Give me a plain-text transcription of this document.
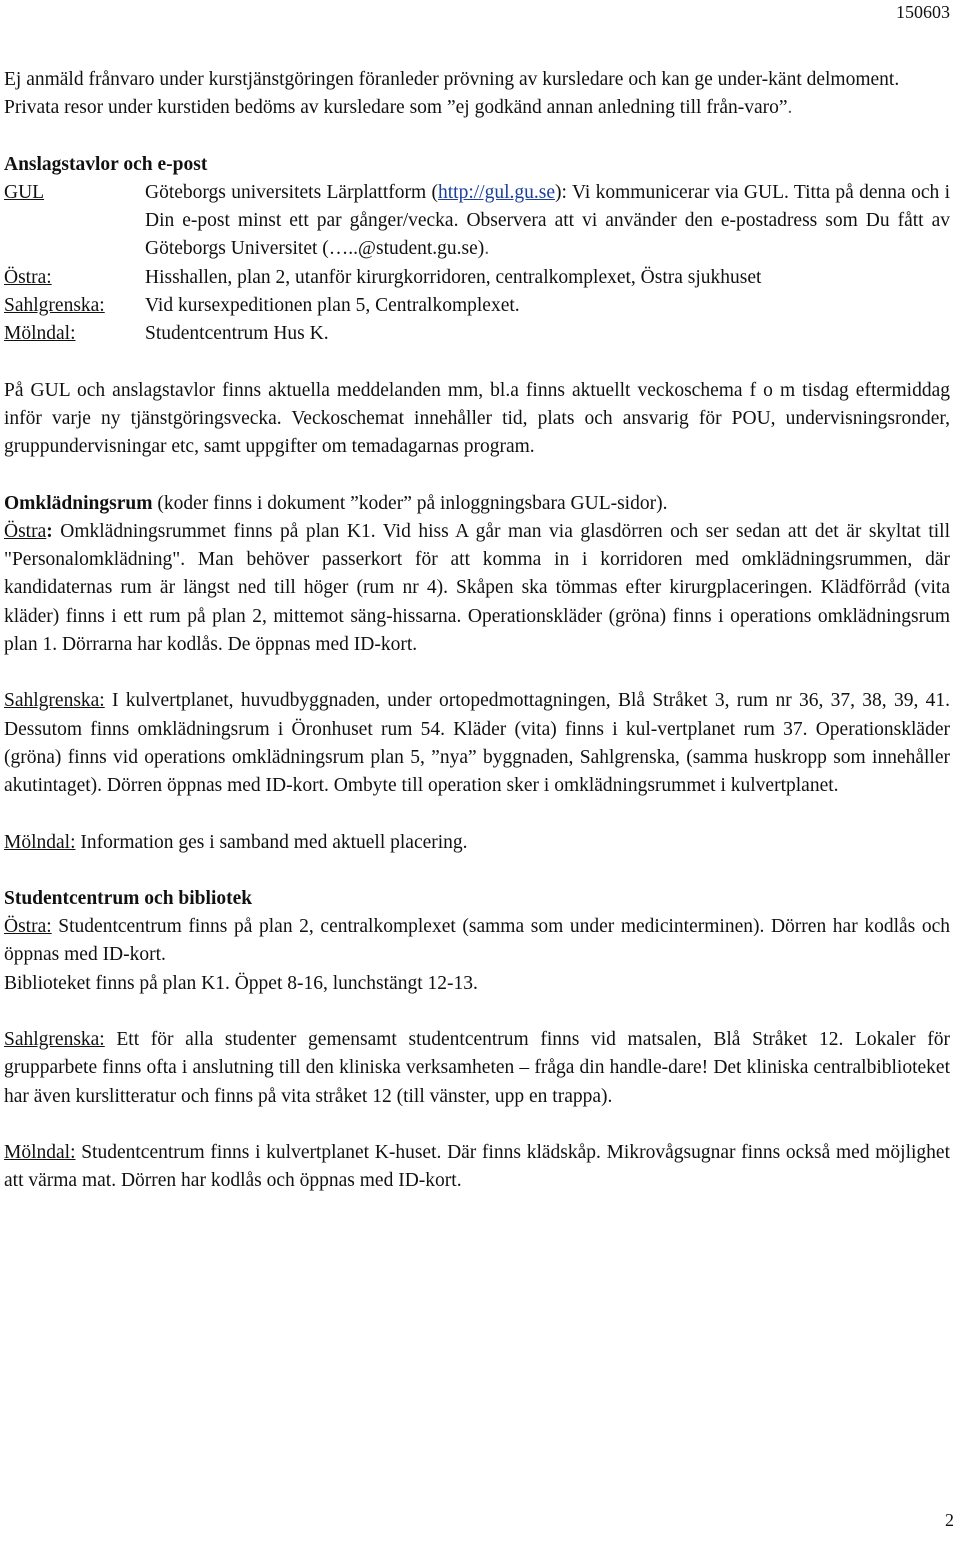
150603

Ej anmäld frånvaro under kurstjänstgöringen föranleder prövning av kursledare och kan ge under-känt delmoment.

Privata resor under kurstiden bedöms av kursledare som ”ej godkänd annan anledning till från-varo”.

Anslagstavlor och e-post

GUL	Göteborgs universitets Lärplattform (http://gul.gu.se): Vi kommunicerar via GUL. Titta på denna och i Din e-post minst ett par gånger/vecka. Observera att vi använder den e-postadress som Du fått av Göteborgs Universitet (…..@student.gu.se).
Östra:	Hisshallen, plan 2, utanför kirurgkorridoren, centralkomplexet, Östra sjukhuset
Sahlgrenska:	Vid kursexpeditionen plan 5, Centralkomplexet.
Mölndal:	Studentcentrum Hus K.

På GUL och anslagstavlor finns aktuella meddelanden mm, bl.a finns aktuellt veckoschema f o m tisdag eftermiddag inför varje ny tjänstgöringsvecka. Veckoschemat innehåller tid, plats och ansvarig för POU, undervisningsronder, gruppundervisningar etc, samt uppgifter om temadagarnas program.

Omklädningsrum (koder finns i dokument ”koder” på inloggningsbara GUL-sidor).

Östra: Omklädningsrummet finns på plan K1. Vid hiss A går man via glasdörren och ser sedan att det är skyltat till "Personalomklädning". Man behöver passerkort för att komma in i korridoren med omklädningsrummen, där kandidaternas rum är längst ned till höger (rum nr 4). Skåpen ska tömmas efter kirurgplaceringen. Klädförråd (vita kläder) finns i ett rum på plan 2, mittemot säng-hissarna. Operationskläder (gröna) finns i operations omklädningsrum plan 1. Dörrarna har kodlås. De öppnas med ID-kort.

Sahlgrenska: I kulvertplanet, huvudbyggnaden, under ortopedmottagningen, Blå Stråket 3, rum nr 36, 37, 38, 39, 41. Dessutom finns omklädningsrum i Öronhuset rum 54. Kläder (vita) finns i kul-vertplanet rum 37. Operationskläder (gröna) finns vid operations omklädningsrum plan 5, ”nya” byggnaden, Sahlgrenska, (samma huskropp som innehåller akutintaget). Dörren öppnas med ID-kort. Ombyte till operation sker i omklädningsrummet i kulvertplanet.

Mölndal: Information ges i samband med aktuell placering.

Studentcentrum och bibliotek

Östra: Studentcentrum finns på plan 2, centralkomplexet (samma som under medicinterminen). Dörren har kodlås och öppnas med ID-kort.

Biblioteket finns på plan K1. Öppet 8-16, lunchstängt 12-13.

Sahlgrenska: Ett för alla studenter gemensamt studentcentrum finns vid matsalen, Blå Stråket 12. Lokaler för grupparbete finns ofta i anslutning till den kliniska verksamheten – fråga din handle-dare! Det kliniska centralbiblioteket har även kurslitteratur och finns på vita stråket 12 (till vänster, upp en trappa).

Mölndal: Studentcentrum finns i kulvertplanet K-huset. Där finns klädskåp. Mikrovågsugnar finns också med möjlighet att värma mat. Dörren har kodlås och öppnas med ID-kort.

2
